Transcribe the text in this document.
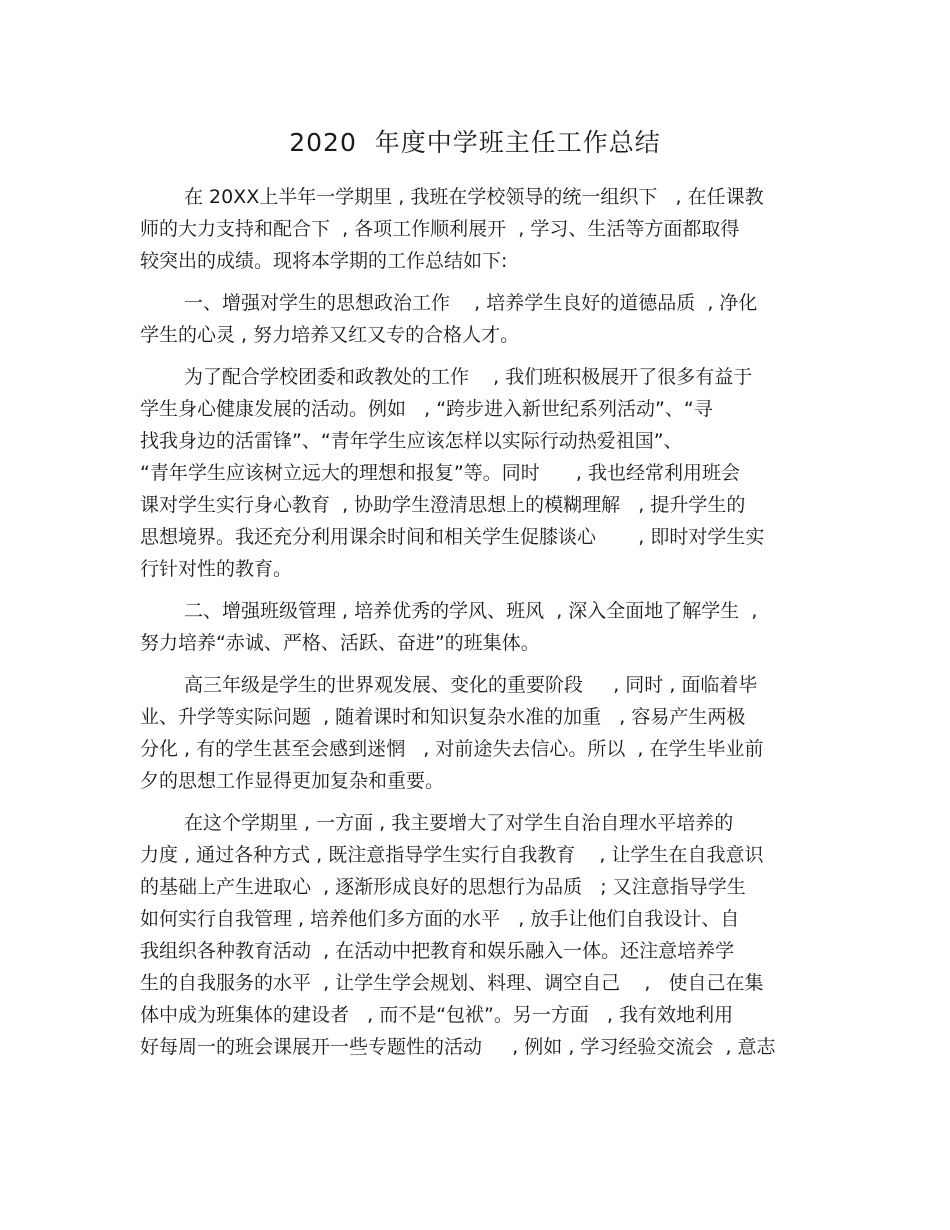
2020  年度中学班主任工作总结
在 20XX上半年一学期里 , 我班在学校领导的统一组织下   , 在任课教
师的大力支持和配合下  , 各项工作顺利展开  , 学习、生活等方面都取得
较突出的成绩。现将本学期的工作总结如下:
一、增强对学生的思想政治工作    , 培养学生良好的道德品质  , 净化
学生的心灵 , 努力培养又红又专的合格人才。
为了配合学校团委和政教处的工作    , 我们班积极展开了很多有益于
学生身心健康发展的活动。例如   , “跨步进入新世纪系列活动”、“寻
找我身边的活雷锋”、“青年学生应该怎样以实际行动热爱祖国”、
“青年学生应该树立远大的理想和报复”等。同时      , 我也经常利用班会
课对学生实行身心教育  , 协助学生澄清思想上的模糊理解   , 提升学生的
思想境界。我还充分利用课余时间和相关学生促膝谈心       , 即时对学生实
行针对性的教育。
二、增强班级管理 , 培养优秀的学风、班风  , 深入全面地了解学生  ,
努力培养“赤诚、严格、活跃、奋进”的班集体。
高三年级是学生的世界观发展、变化的重要阶段     , 同时 , 面临着毕
业、升学等实际问题  , 随着课时和知识复杂水准的加重   , 容易产生两极
分化 , 有的学生甚至会感到迷惘   , 对前途失去信心。所以  , 在学生毕业前
夕的思想工作显得更加复杂和重要。
在这个学期里 , 一方面 , 我主要增大了对学生自治自理水平培养的
力度 , 通过各种方式 , 既注意指导学生实行自我教育    , 让学生在自我意识
的基础上产生进取心  , 逐渐形成良好的思想行为品质   ; 又注意指导学生
如何实行自我管理 , 培养他们多方面的水平   , 放手让他们自我设计、自
我组织各种教育活动  , 在活动中把教育和娱乐融入一体。还注意培养学
生的自我服务的水平  , 让学生学会规划、料理、调空自己    ,   使自己在集
体中成为班集体的建设者   , 而不是“包袱”。另一方面   , 我有效地利用
好每周一的班会课展开一些专题性的活动     , 例如 , 学习经验交流会  , 意志
